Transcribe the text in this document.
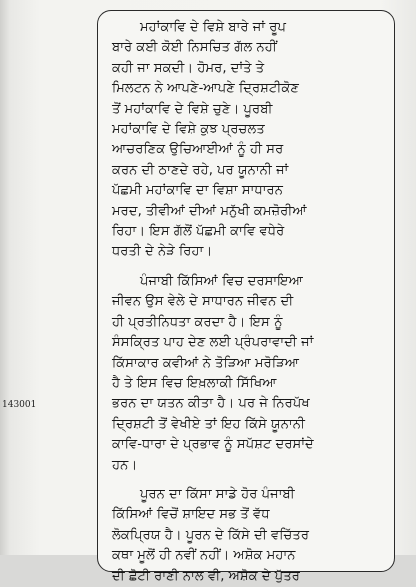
143001
ਮਹਾਂਕਾਵਿ ਦੇ ਵਿਸ਼ੇ ਬਾਰੇ ਜਾਂ ਰੂਪ
ਬਾਰੇ ਕਈ ਕੋਈ ਨਿਸਚਿਤ ਗੱਲ ਨਹੀਂ
ਕਹੀ ਜਾ ਸਕਦੀ। ਹੋਮਰ, ਦਾਂਤੇ ਤੇ
ਮਿਲਟਨ ਨੇ ਆਪਣੇ-ਆਪਣੇ ਦ੍ਰਿਸ਼ਟੀਕੋਣ
ਤੋਂ ਮਹਾਂਕਾਵਿ ਦੇ ਵਿਸ਼ੇ ਚੁਣੇ। ਪੂਰਬੀ
ਮਹਾਂਕਾਵਿ ਦੇ ਵਿਸ਼ੇ ਕੁਝ ਪ੍ਰਚਲਤ
ਆਚਰਣਿਕ ਉਚਿਆਈਆਂ ਨੂੰ ਹੀ ਸਰ
ਕਰਨ ਦੀ ਠਾਣਦੇ ਰਹੇ, ਪਰ ਯੂਨਾਨੀ ਜਾਂ
ਪੱਛਮੀ ਮਹਾਂਕਾਵਿ ਦਾ ਵਿਸ਼ਾ ਸਾਧਾਰਨ
ਮਰਦ, ਤੀਵੀਆਂ ਦੀਆਂ ਮਨੁੱਖੀ ਕਮਜ਼ੋਰੀਆਂ
ਰਿਹਾ। ਇਸ ਗੱਲੋਂ ਪੱਛਮੀ ਕਾਵਿ ਵਧੇਰੇ
ਧਰਤੀ ਦੇ ਨੇੜੇ ਰਿਹਾ।
ਪੰਜਾਬੀ ਕਿੱਸਿਆਂ ਵਿਚ ਦਰਸਾਇਆ
ਜੀਵਨ ਉਸ ਵੇਲੇ ਦੇ ਸਾਧਾਰਨ ਜੀਵਨ ਦੀ
ਹੀ ਪ੍ਰਤੀਨਿਧਤਾ ਕਰਦਾ ਹੈ। ਇਸ ਨੂੰ
ਸੰਸਕ੍ਰਿਤ ਪਾਹ ਦੇਣ ਲਈ ਪ੍ਰੰਪਰਾਵਾਦੀ ਜਾਂ
ਕਿੱਸਾਕਾਰ ਕਵੀਆਂ ਨੇ ਤੋੜਿਆ ਮਰੋੜਿਆ
ਹੈ ਤੇ ਇਸ ਵਿਚ ਇਖ਼ਲਾਕੀ ਸਿੱਖਿਆ
ਭਰਨ ਦਾ ਯਤਨ ਕੀਤਾ ਹੈ। ਪਰ ਜੇ ਨਿਰਪੱਖ
ਦ੍ਰਿਸ਼ਟੀ ਤੋਂ ਵੇਖੀਏ ਤਾਂ ਇਹ ਕਿੱਸੇ ਯੂਨਾਨੀ
ਕਾਵਿ-ਧਾਰਾ ਦੇ ਪ੍ਰਭਾਵ ਨੂੰ ਸਪੱਸ਼ਟ ਦਰਸਾਂਦੇ
ਹਨ।
ਪੂਰਨ ਦਾ ਕਿੱਸਾ ਸਾਡੇ ਹੋਰ ਪੰਜਾਬੀ
ਕਿੱਸਿਆਂ ਵਿਚੋਂ ਸ਼ਾਇਦ ਸਭ ਤੋਂ ਵੱਧ
ਲੋਕਪ੍ਰਿਯ ਹੈ। ਪੂਰਨ ਦੇ ਕਿੱਸੇ ਦੀ ਵਚਿੱਤਰ
ਕਥਾ ਮੂਲੋਂ ਹੀ ਨਵੀਂ ਨਹੀਂ। ਅਸ਼ੋਕ ਮਹਾਨ
ਦੀ ਛੋਟੀ ਰਾਣੀ ਨਾਲ ਵੀ, ਅਸ਼ੋਕ ਦੇ ਪੁੱਤਰ
